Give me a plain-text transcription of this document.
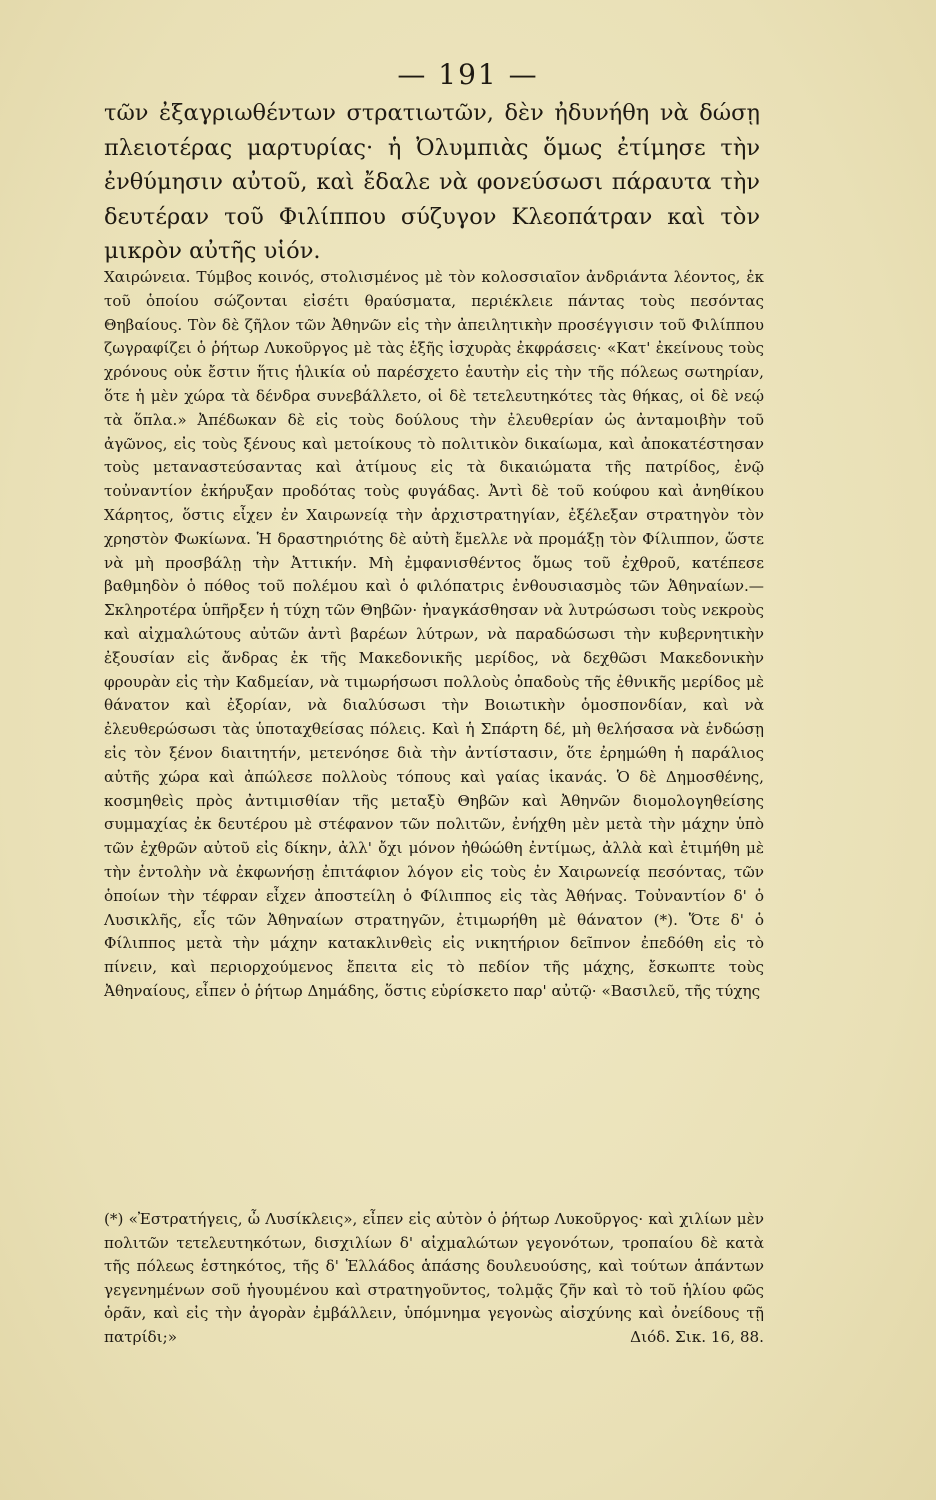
— 191 —

τῶν ἐξαγριωθέντων στρατιωτῶν, δὲν ἠδυνήθη νὰ δώσῃ πλειοτέρας μαρτυρίας· ἡ Ὀλυμπιὰς ὅμως ἐτίμησε τὴν ἐνθύμησιν αὐτοῦ, καὶ ἔδαλε νὰ φονεύσωσι πάραυτα τὴν δευτέραν τοῦ Φιλίππου σύζυγον Κλεοπάτραν καὶ τὸν μικρὸν αὐτῆς υἱόν.

Χαιρώνεια. Τύμβος κοινός, στολισμένος μὲ τὸν κολοσσιαῖον ἀνδριάντα λέοντος, ἐκ τοῦ ὁποίου σώζονται εἰσέτι θραύσματα, περιέκλειε πάντας τοὺς πεσόντας Θηβαίους. Τὸν δὲ ζῆλον τῶν Ἀθηνῶν εἰς τὴν ἀπειλητικὴν προσέγγισιν τοῦ Φιλίππου ζωγραφίζει ὁ ῥήτωρ Λυκοῦργος μὲ τὰς ἑξῆς ἰσχυρὰς ἐκφράσεις· «Κατ' ἐκείνους τοὺς χρόνους οὐκ ἔστιν ἥτις ἡλικία οὐ παρέσχετο ἑαυτὴν εἰς τὴν τῆς πόλεως σωτηρίαν, ὅτε ἡ μὲν χώρα τὰ δένδρα συνεβάλλετο, οἱ δὲ τετελευτηκότες τὰς θήκας, οἱ δὲ νεῴ τὰ ὅπλα.» Ἀπέδωκαν δὲ εἰς τοὺς δούλους τὴν ἐλευθερίαν ὡς ἀνταμοιβὴν τοῦ ἀγῶνος, εἰς τοὺς ξένους καὶ μετοίκους τὸ πολιτικὸν δικαίωμα, καὶ ἀποκατέστησαν τοὺς μεταναστεύσαντας καὶ ἀτίμους εἰς τὰ δικαιώματα τῆς πατρίδος, ἐνῷ τοὐναντίον ἐκήρυξαν προδότας τοὺς φυγάδας. Ἀντὶ δὲ τοῦ κούφου καὶ ἀνηθίκου Χάρητος, ὅστις εἶχεν ἐν Χαιρωνείᾳ τὴν ἀρχιστρατηγίαν, ἐξέλεξαν στρατηγὸν τὸν χρηστὸν Φωκίωνα. Ἡ δραστηριότης δὲ αὐτὴ ἔμελλε νὰ προμάξῃ τὸν Φίλιππον, ὥστε νὰ μὴ προσβάλῃ τὴν Ἀττικήν. Μὴ ἐμφανισθέντος ὅμως τοῦ ἐχθροῦ, κατέπεσε βαθμηδὸν ὁ πόθος τοῦ πολέμου καὶ ὁ φιλόπατρις ἐνθουσιασμὸς τῶν Ἀθηναίων.—Σκληροτέρα ὑπῆρξεν ἡ τύχη τῶν Θηβῶν· ἠναγκάσθησαν νὰ λυτρώσωσι τοὺς νεκροὺς καὶ αἰχμαλώτους αὐτῶν ἀντὶ βαρέων λύτρων, νὰ παραδώσωσι τὴν κυβερνητικὴν ἐξουσίαν εἰς ἄνδρας ἐκ τῆς Μακεδονικῆς μερίδος, νὰ δεχθῶσι Μακεδονικὴν φρουρὰν εἰς τὴν Καδμείαν, νὰ τιμωρήσωσι πολλοὺς ὀπαδοὺς τῆς ἐθνικῆς μερίδος μὲ θάνατον καὶ ἐξορίαν, νὰ διαλύσωσι τὴν Βοιωτικὴν ὁμοσπονδίαν, καὶ νὰ ἐλευθερώσωσι τὰς ὑποταχθείσας πόλεις. Καὶ ἡ Σπάρτη δέ, μὴ θελήσασα νὰ ἐνδώσῃ εἰς τὸν ξένον διαιτητήν, μετενόησε διὰ τὴν ἀντίστασιν, ὅτε ἐρημώθη ἡ παράλιος αὐτῆς χώρα καὶ ἀπώλεσε πολλοὺς τόπους καὶ γαίας ἱκανάς. Ὁ δὲ Δημοσθένης, κοσμηθεὶς πρὸς ἀντιμισθίαν τῆς μεταξὺ Θηβῶν καὶ Ἀθηνῶν διομολογηθείσης συμμαχίας ἐκ δευτέρου μὲ στέφανον τῶν πολιτῶν, ἐνήχθη μὲν μετὰ τὴν μάχην ὑπὸ τῶν ἐχθρῶν αὐτοῦ εἰς δίκην, ἀλλ' ὄχι μόνον ἠθώώθη ἐντίμως, ἀλλὰ καὶ ἐτιμήθη μὲ τὴν ἐντολὴν νὰ ἐκφωνήσῃ ἐπιτάφιον λόγον εἰς τοὺς ἐν Χαιρωνείᾳ πεσόντας, τῶν ὁποίων τὴν τέφραν εἶχεν ἀποστείλη ὁ Φίλιππος εἰς τὰς Ἀθήνας. Τοὐναντίον δ' ὁ Λυσικλῆς, εἷς τῶν Ἀθηναίων στρατηγῶν, ἐτιμωρήθη μὲ θάνατον (*). Ὅτε δ' ὁ Φίλιππος μετὰ τὴν μάχην κατακλινθεὶς εἰς νικητήριον δεῖπνον ἐπεδόθη εἰς τὸ πίνειν, καὶ περιορχούμενος ἔπειτα εἰς τὸ πεδίον τῆς μάχης, ἔσκωπτε τοὺς Ἀθηναίους, εἶπεν ὁ ῥήτωρ Δημάδης, ὅστις εὑρίσκετο παρ' αὐτῷ· «Βασιλεῦ, τῆς τύχης

(*) «Ἐστρατήγεις, ὦ Λυσίκλεις», εἶπεν εἰς αὐτὸν ὁ ῥήτωρ Λυκοῦργος· καὶ χιλίων μὲν πολιτῶν τετελευτηκότων, δισχιλίων δ' αἰχμαλώτων γεγονότων, τροπαίου δὲ κατὰ τῆς πόλεως ἑστηκότος, τῆς δ' Ἑλλάδος ἁπάσης δουλευούσης, καὶ τούτων ἁπάντων γεγενημένων σοῦ ἡγουμένου καὶ στρατηγοῦντος, τολμᾷς ζῆν καὶ τὸ τοῦ ἡλίου φῶς ὁρᾶν, καὶ εἰς τὴν ἀγορὰν ἐμβάλλειν, ὑπόμνημα γεγονὼς αἰσχύνης καὶ ὀνείδους τῇ πατρίδι;»	Διόδ. Σικ. 16, 88.
